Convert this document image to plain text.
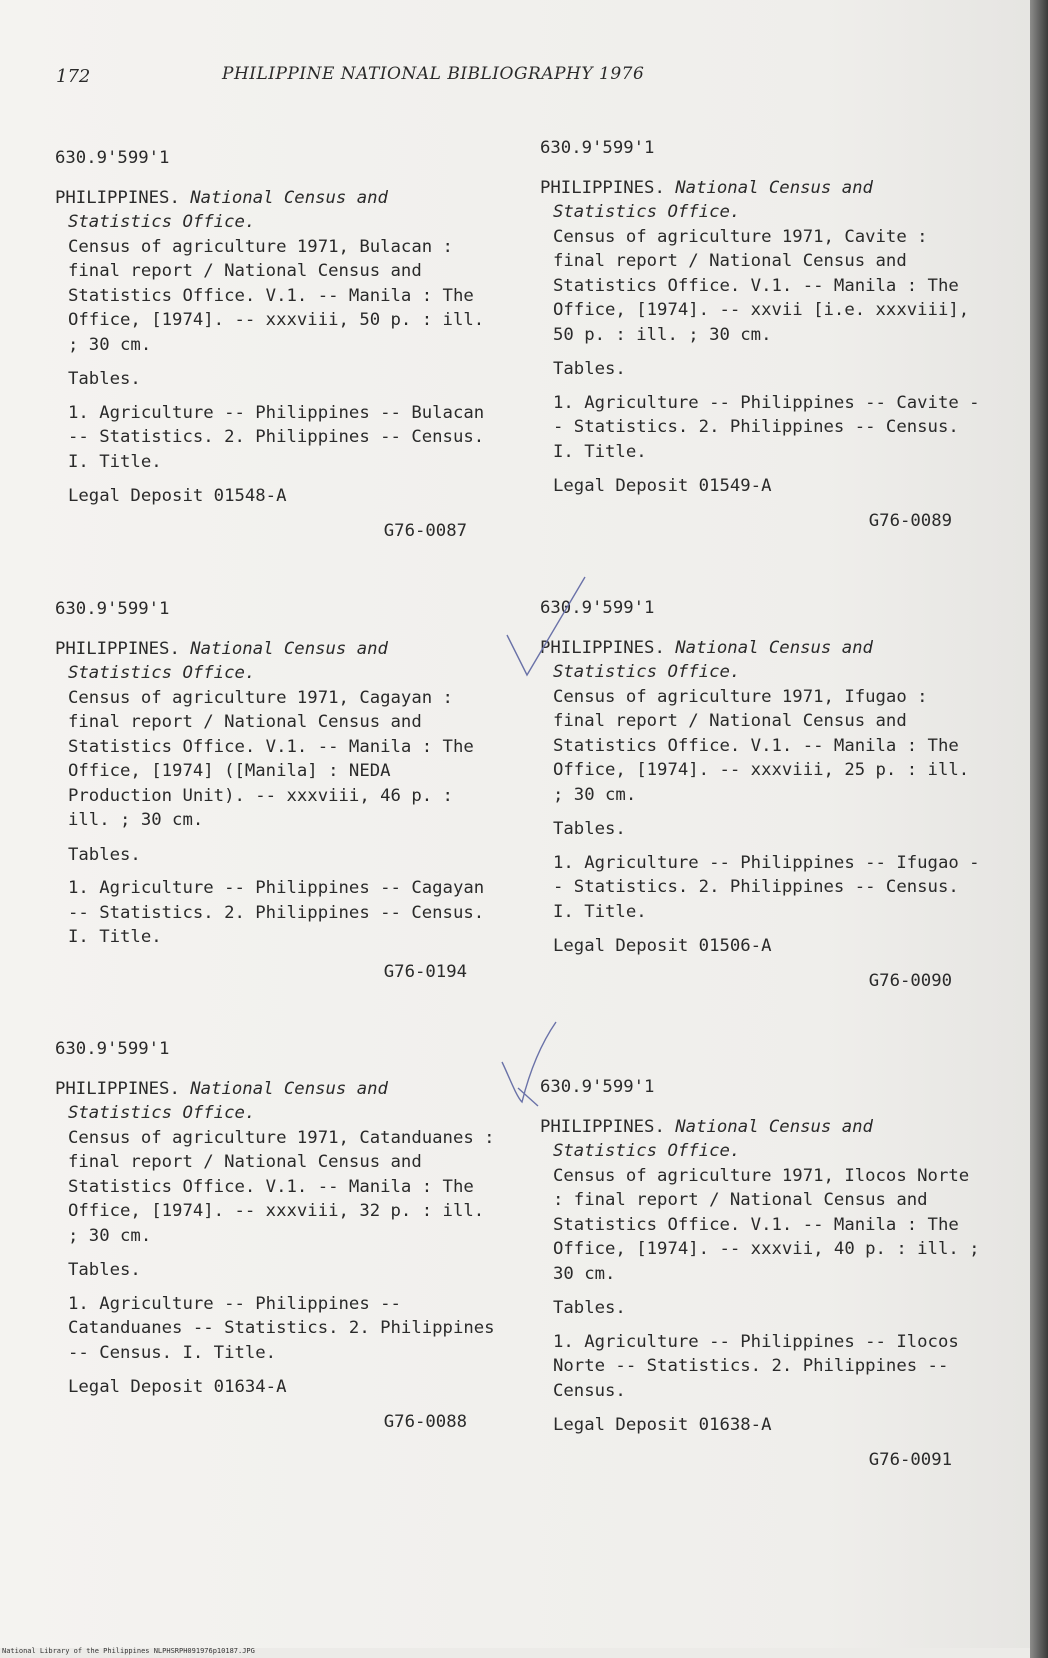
172	PHILIPPINE NATIONAL BIBLIOGRAPHY 1976
630.9'599'1
PHILIPPINES. National Census and
Statistics Office.
Census of agriculture 1971, Bulacan : final report / National Census and Statistics Office. V.1. -- Manila : The Office, [1974]. -- xxxviii, 50 p. : ill. ; 30 cm.
Tables.
1. Agriculture -- Philippines -- Bulacan -- Statistics. 2. Philippines -- Census. I. Title.
Legal Deposit 01548-A
G76-0087
630.9'599'1
PHILIPPINES. National Census and
Statistics Office.
Census of agriculture 1971, Cagayan : final report / National Census and Statistics Office. V.1. -- Manila : The Office, [1974] ([Manila] : NEDA Production Unit). -- xxxviii, 46 p. : ill. ; 30 cm.
Tables.
1. Agriculture -- Philippines -- Cagayan -- Statistics. 2. Philippines -- Census. I. Title.
G76-0194
630.9'599'1
PHILIPPINES. National Census and
Statistics Office.
Census of agriculture 1971, Catanduanes : final report / National Census and Statistics Office. V.1. -- Manila : The Office, [1974]. -- xxxviii, 32 p. : ill. ; 30 cm.
Tables.
1. Agriculture -- Philippines -- Catanduanes -- Statistics. 2. Philippines -- Census. I. Title.
Legal Deposit 01634-A
G76-0088
630.9'599'1
PHILIPPINES. National Census and
Statistics Office.
Census of agriculture 1971, Cavite : final report / National Census and Statistics Office. V.1. -- Manila : The Office, [1974]. -- xxvii [i.e. xxxviii], 50 p. : ill. ; 30 cm.
Tables.
1. Agriculture -- Philippines -- Cavite -- Statistics. 2. Philippines -- Census. I. Title.
Legal Deposit 01549-A
G76-0089
630.9'599'1
PHILIPPINES. National Census and
Statistics Office.
Census of agriculture 1971, Ifugao : final report / National Census and Statistics Office. V.1. -- Manila : The Office, [1974]. -- xxxviii, 25 p. : ill. ; 30 cm.
Tables.
1. Agriculture -- Philippines -- Ifugao -- Statistics. 2. Philippines -- Census. I. Title.
Legal Deposit 01506-A
G76-0090
630.9'599'1
PHILIPPINES. National Census and
Statistics Office.
Census of agriculture 1971, Ilocos Norte : final report / National Census and Statistics Office. V.1. -- Manila : The Office, [1974]. -- xxxvii, 40 p. : ill. ; 30 cm.
Tables.
1. Agriculture -- Philippines -- Ilocos Norte -- Statistics. 2. Philippines -- Census.
Legal Deposit 01638-A
G76-0091
National Library of the Philippines NLPHSRPH091976p10187.JPG
